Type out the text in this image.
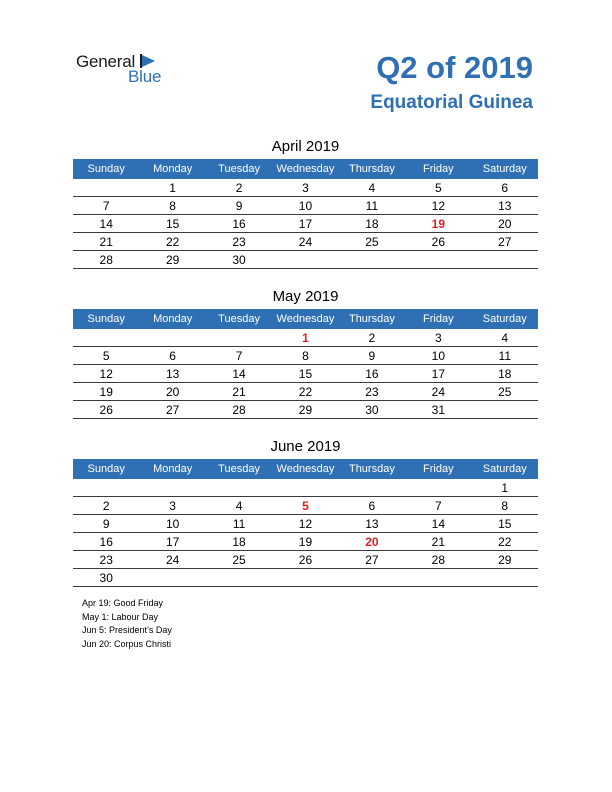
General
Blue	Q2 of 2019
Equatorial Guinea
April 2019
Sunday	Monday	Tuesday	Wednesday	Thursday	Friday	Saturday
	1	2	3	4	5	6
7	8	9	10	11	12	13
14	15	16	17	18	19	20
21	22	23	24	25	26	27
28	29	30				
May 2019
Sunday	Monday	Tuesday	Wednesday	Thursday	Friday	Saturday
			1	2	3	4
5	6	7	8	9	10	11
12	13	14	15	16	17	18
19	20	21	22	23	24	25
26	27	28	29	30	31	
June 2019
Sunday	Monday	Tuesday	Wednesday	Thursday	Friday	Saturday
						1
2	3	4	5	6	7	8
9	10	11	12	13	14	15
16	17	18	19	20	21	22
23	24	25	26	27	28	29
30						
Apr 19: Good Friday
May 1: Labour Day
Jun 5: President’s Day
Jun 20: Corpus Christi
